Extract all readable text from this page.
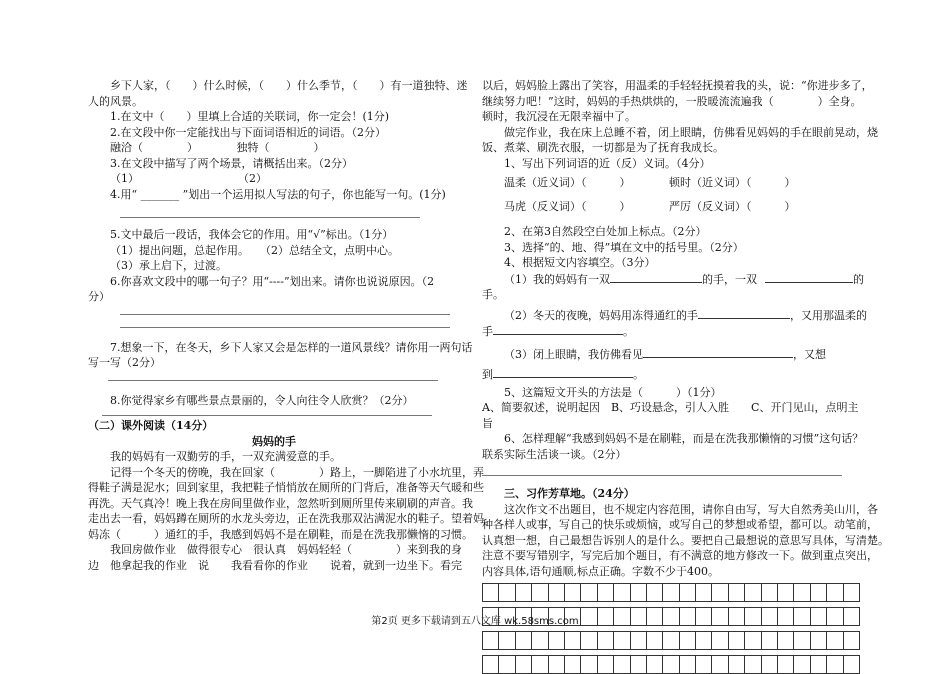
乡下人家，（　　）什么时候，（　　）什么季节，（　　）有一道独特、迷

人的风景。

1.在文中（　　）里填上合适的关联词，你一定会！(1分)

2.在文段中你一定能找出与下面词语相近的词语。（2分）

融洽（　　　　）　　　　独特（　　　　）

3.在文段中描写了两个场景，请概括出来。（2分）

（1）　　　　　　　　　　（2）

4.用“ _______ ”划出一个运用拟人写法的句子，你也能写一句。(1分)

5.文中最后一段话，我体会它的作用。用“√”标出。（1分）

（1）提出问题，总起作用。　　（2）总结全文，点明中心。

（3）承上启下，过渡。

6.你喜欢文段中的哪一句子？用“----”划出来。请你也说说原因。（2

分）

7.想象一下，在冬天，乡下人家又会是怎样的一道风景线？请你用一两句话

写一写（2分）

8.你觉得家乡有哪些景点景丽的，令人向往令人欣赏？（2分）

（二）课外阅读（14分）

妈妈的手

我的妈妈有一双勤劳的手，一双充满爱意的手。

记得一个冬天的傍晚，我在回家（　　　　）路上，一脚陷进了小水坑里，弄

得鞋子满是泥水；回到家里，我把鞋子悄悄放在厕所的门背后，准备等天气暖和些

再洗。天气真冷！晚上我在房间里做作业，忽然听到厕所里传来刷刷的声音。我

走出去一看，妈妈蹲在厕所的水龙头旁边，正在洗我那双沾满泥水的鞋子。望着妈

妈冻（　　　）通红的手，我感到妈妈不是在刷鞋，而是在洗我那懒惰的习惯。

我回房做作业　做得很专心　很认真　妈妈轻轻（　　　　）来到我的身

边　他拿起我的作业　说　　我看看你的作业　　说着，就到一边坐下。看完

以后，妈妈脸上露出了笑容，用温柔的手轻轻抚摸着我的头，说：“你进步多了，

继续努力吧！”这时，妈妈的手热烘烘的，一股暖流流遍我（　　　　）全身。

顿时，我沉浸在无限幸福中了。

做完作业，我在床上总睡不着，闭上眼睛，仿佛看见妈妈的手在眼前晃动，烧

饭、煮菜、刷洗衣服，一切都是为了抚育我成长。

1、写出下列词语的近（反）义词。（4分）

温柔（近义词）（　　　）　　　　顿时（近义词）（　　　）

马虎（反义词）（　　　）　　　　严厉（反义词）（　　　）

2、在第3自然段空白处加上标点。（2分）

3、选择“的、地、得”填在文中的括号里。（2分）

4、根据短文内容填空。（3分）

（1）我的妈妈有一双	的手，一双	的

手。

（2）冬天的夜晚，妈妈用冻得通红的手	，又用那温柔的

手	。

（3）闭上眼睛，我仿佛看见	，又想

到	。

5、这篇短文开头的方法是（　　　）（1分）

A、简要叙述，说明起因　B、巧设悬念，引人入胜　　C、开门见山，点明主

旨

6、怎样理解“我感到妈妈不是在刷鞋，而是在洗我那懒惰的习惯”这句话？

联系实际生活谈一谈。（2分）

三、习作芳草地。（24分）

这次作文不出题目，也不规定内容范围，请你自由写，写大自然秀美山川，各

种各样人或事，写自己的快乐或烦恼，或写自己的梦想或希望，都可以。动笔前，

认真想一想，自己最想告诉别人的是什么。要把自己最想说的意思写具体，写清楚。

注意不要写错别字，写完后加个题目，有不满意的地方修改一下。做到重点突出，

内容具体,语句通顺,标点正确。字数不少于400。

第2页 更多下载请到五八文库 wk.58sms.com
